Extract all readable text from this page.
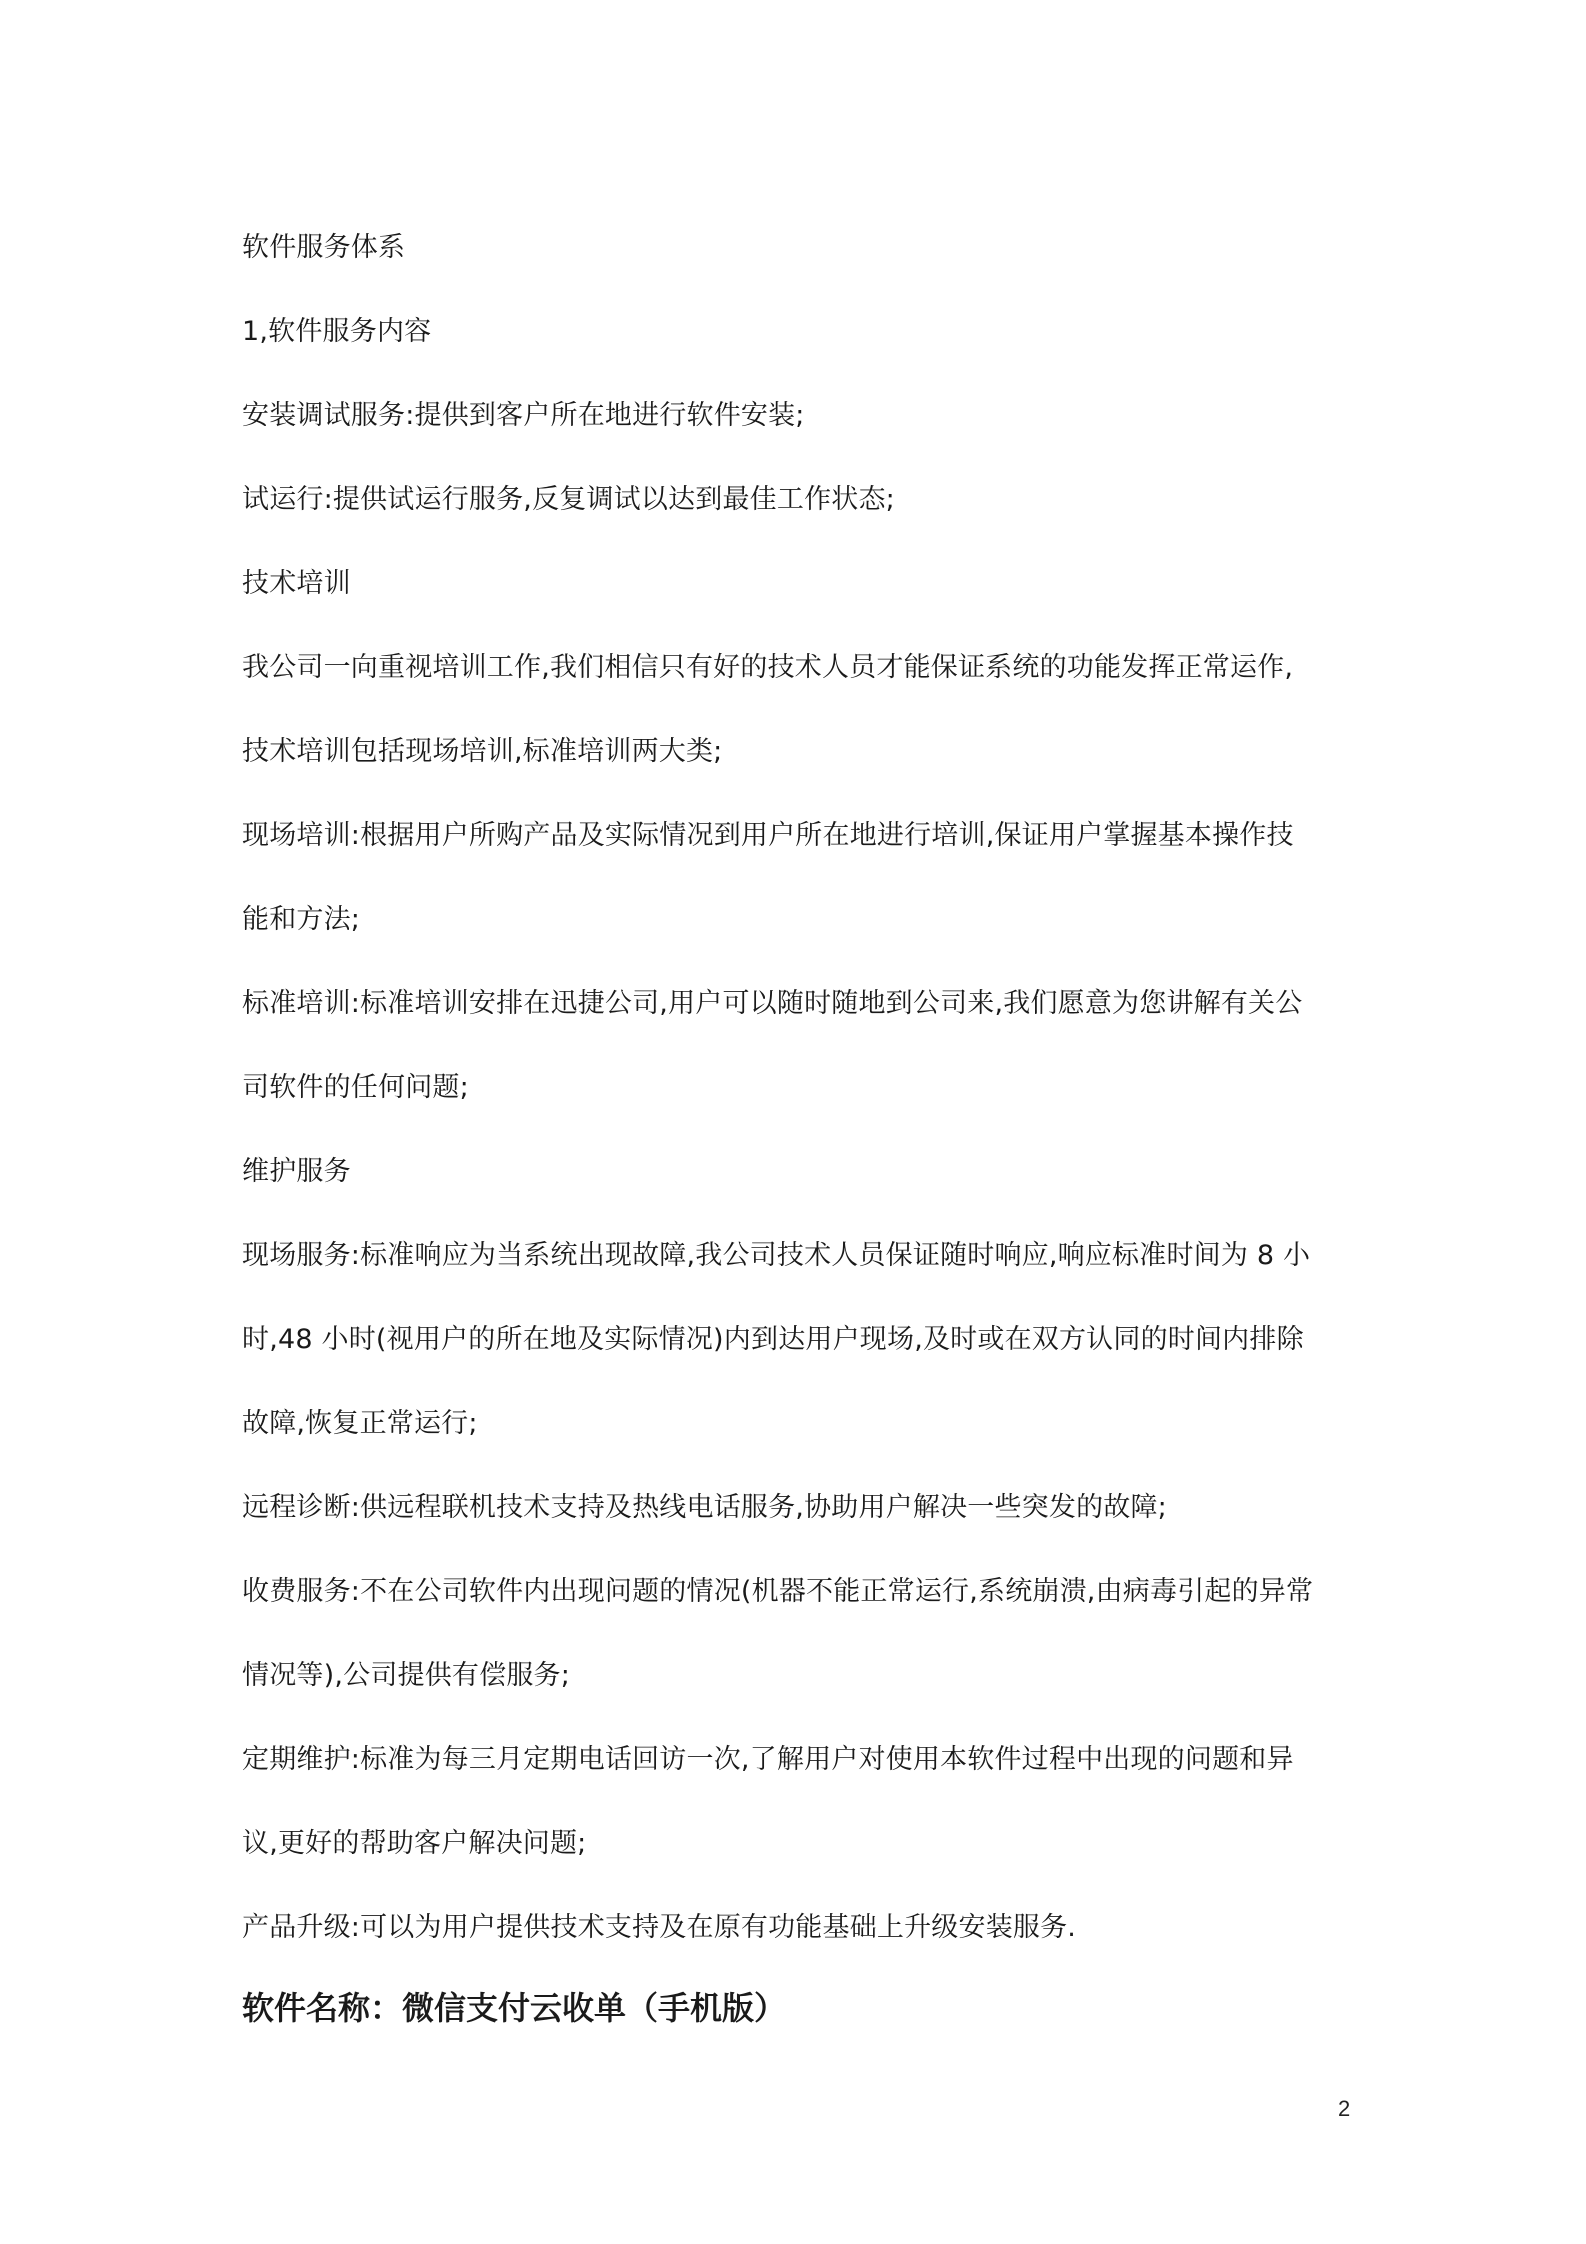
软件服务体系
1,软件服务内容
安装调试服务:提供到客户所在地进行软件安装;
试运行:提供试运行服务,反复调试以达到最佳工作状态;
技术培训
我公司一向重视培训工作,我们相信只有好的技术人员才能保证系统的功能发挥正常运作,
技术培训包括现场培训,标准培训两大类;
现场培训:根据用户所购产品及实际情况到用户所在地进行培训,保证用户掌握基本操作技
能和方法;
标准培训:标准培训安排在迅捷公司,用户可以随时随地到公司来,我们愿意为您讲解有关公
司软件的任何问题;
维护服务
现场服务:标准响应为当系统出现故障,我公司技术人员保证随时响应,响应标准时间为 8 小
时,48 小时(视用户的所在地及实际情况)内到达用户现场,及时或在双方认同的时间内排除
故障,恢复正常运行;
远程诊断:供远程联机技术支持及热线电话服务,协助用户解决一些突发的故障;
收费服务:不在公司软件内出现问题的情况(机器不能正常运行,系统崩溃,由病毒引起的异常
情况等),公司提供有偿服务;
定期维护:标准为每三月定期电话回访一次,了解用户对使用本软件过程中出现的问题和异
议,更好的帮助客户解决问题;
产品升级:可以为用户提供技术支持及在原有功能基础上升级安装服务.
软件名称：微信支付云收单（手机版）
2
